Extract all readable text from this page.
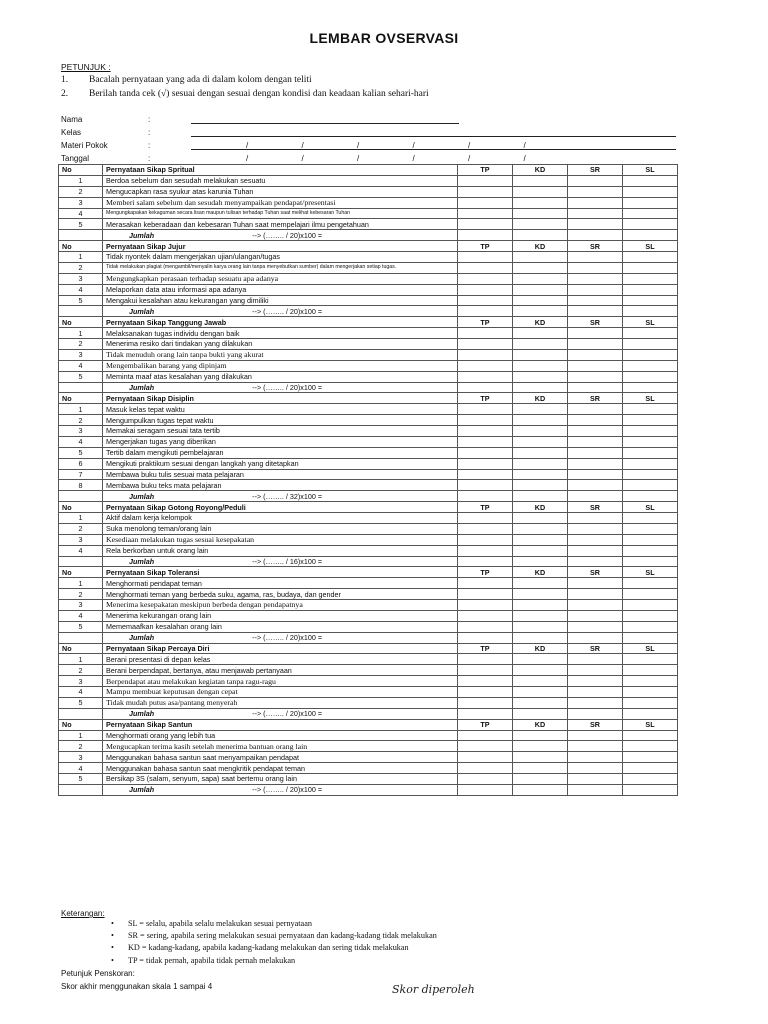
LEMBAR OVSERVASI
PETUNJUK :
1. Bacalah pernyataan yang ada di dalam kolom dengan teliti
2. Berilah tanda cek (√) sesuai dengan sesuai dengan kondisi dan keadaan kalian sehari-hari
Nama	:
Kelas	:
Materi Pokok	:	/	/	/	/	/	/
Tanggal	:	/	/	/	/	/	/
No	Pernyataan Sikap Spritual	TP	KD	SR	SL
1	Berdoa sebelum dan sesudah melakukan sesuatu				
2	Mengucapkan rasa syukur atas karunia Tuhan				
3	Memberi salam sebelum dan sesudah menyampaikan pendapat/presentasi				
4	Mengungkapakan kekaguman secara lisan maupun tulisan terhadap Tuhan saat melihat kebesaran Tuhan				
5	Merasakan keberadaan dan kebesaran Tuhan saat mempelajari ilmu pengetahuan				
	Jumlah --> (…….. / 20)x100 =				
No	Pernyataan Sikap Jujur	TP	KD	SR	SL
1	Tidak nyontek dalam mengerjakan ujian/ulangan/tugas				
2	Tidak melakukan plagiat (mengambil/menyalin karya orang lain tanpa menyebutkan sumber) dalam mengerjakan setiap tugas.				
3	Mengungkapkan perasaan terhadap sesuatu apa adanya				
4	Melaporkan data atau informasi apa adanya				
5	Mengakui kesalahan atau kekurangan yang dimiliki				
	Jumlah --> (…….. / 20)x100 =				
No	Pernyataan Sikap Tanggung Jawab	TP	KD	SR	SL
1	Melaksanakan tugas individu dengan baik				
2	Menerima resiko dari tindakan yang dilakukan				
3	Tidak menuduh orang lain tanpa bukti yang akurat				
4	Mengembalikan barang yang dipinjam				
5	Meminta maaf atas kesalahan yang dilakukan				
	Jumlah --> (…….. / 20)x100 =				
No	Pernyataan Sikap Disiplin	TP	KD	SR	SL
1	Masuk kelas tepat waktu				
2	Mengumpulkan tugas tepat waktu				
3	Memakai seragam sesuai tata tertib				
4	Mengerjakan tugas yang diberikan				
5	Tertib dalam mengikuti pembelajaran				
6	Mengikuti praktikum sesuai dengan langkah yang ditetapkan				
7	Membawa buku tulis sesuai mata pelajaran				
8	Membawa buku teks mata pelajaran				
	Jumlah --> (…….. / 32)x100 =				
No	Pernyataan Sikap Gotong Royong/Peduli	TP	KD	SR	SL
1	Aktif dalam kerja kelompok				
2	Suka menolong teman/orang lain				
3	Kesediaan melakukan tugas sesuai kesepakatan				
4	Rela berkorban untuk orang lain				
	Jumlah --> (…….. / 16)x100 =				
No	Pernyataan Sikap Toleransi	TP	KD	SR	SL
1	Menghormati pendapat teman				
2	Menghormati teman yang berbeda suku, agama, ras, budaya, dan gender				
3	Menerima kesepakatan meskipun berbeda dengan pendapatnya				
4	Menerima kekurangan orang lain				
5	Mememaafkan kesalahan orang lain				
	Jumlah --> (…….. / 20)x100 =				
No	Pernyataan Sikap Percaya Diri	TP	KD	SR	SL
1	Berani presentasi di depan kelas				
2	Berani berpendapat, bertanya, atau menjawab pertanyaan				
3	Berpendapat atau melakukan kegiatan tanpa ragu-ragu				
4	Mampu membuat keputusan dengan cepat				
5	Tidak mudah putus asa/pantang menyerah				
	Jumlah --> (…….. / 20)x100 =				
No	Pernyataan Sikap Santun	TP	KD	SR	SL
1	Menghormati orang yang lebih tua				
2	Mengucapkan terima kasih setelah menerima bantuan orang lain				
3	Menggunakan bahasa santun saat menyampaikan pendapat				
4	Menggunakan bahasa santun saat mengkritik pendapat teman				
5	Bersikap 3S (salam, senyum, sapa) saat bertemu orang lain				
	Jumlah --> (…….. / 20)x100 =				
Keterangan:
• SL = selalu, apabila selalu melakukan sesuai pernyataan
• SR = sering, apabila sering melakukan sesuai pernyataan dan kadang-kadang tidak melakukan
• KD = kadang-kadang, apabila kadang-kadang melakukan dan sering tidak melakukan
• TP = tidak pernah, apabila tidak pernah melakukan
Petunjuk Penskoran:
Skor akhir menggunakan skala 1 sampai 4	Skor diperoleh
